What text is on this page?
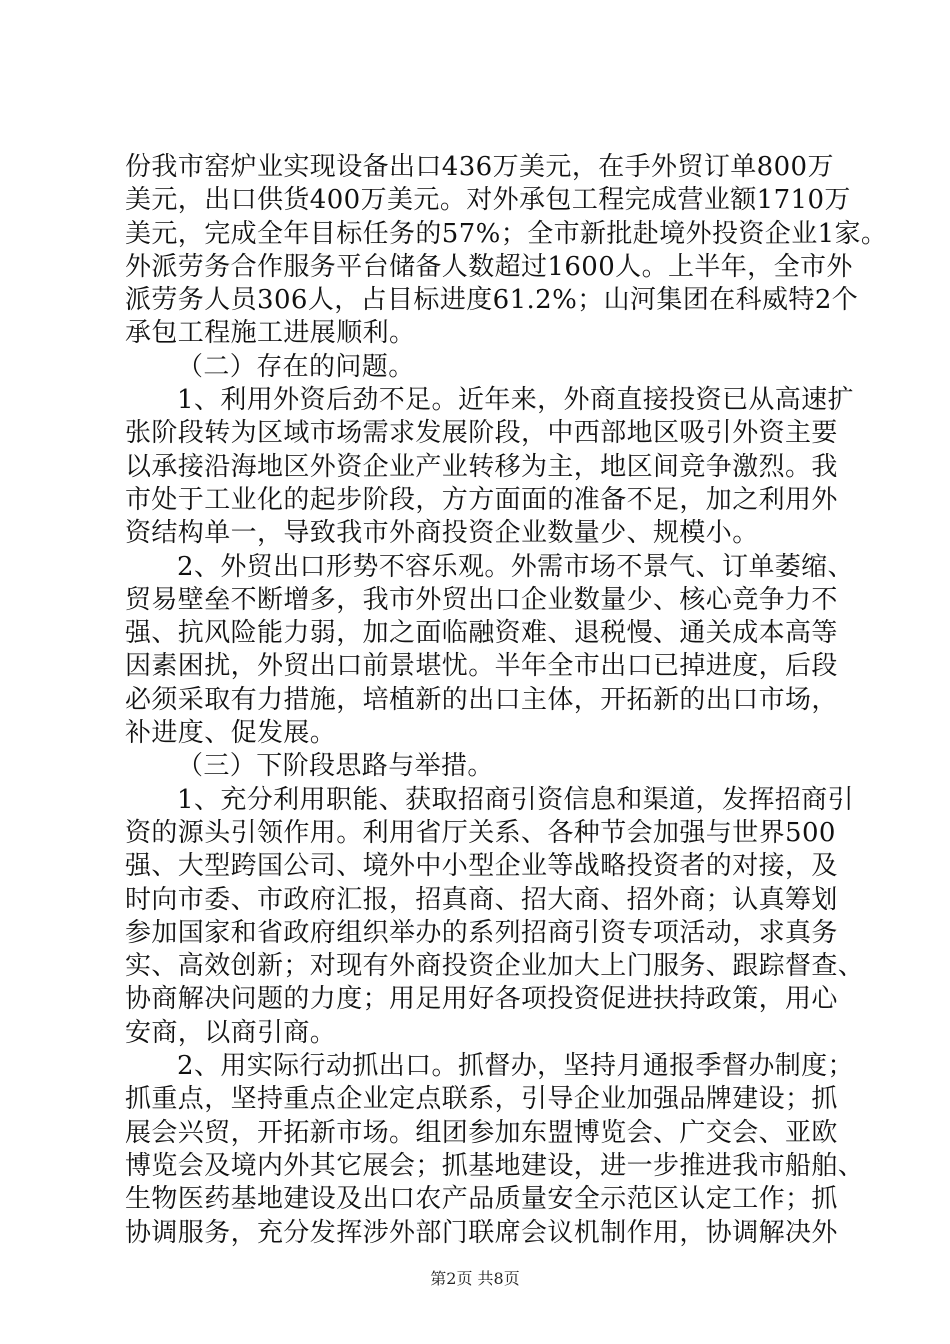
份我市窑炉业实现设备出口436万美元，在手外贸订单800万
美元，出口供货400万美元。对外承包工程完成营业额1710万
美元，完成全年目标任务的57%；全市新批赴境外投资企业1家。
外派劳务合作服务平台储备人数超过1600人。上半年，全市外
派劳务人员306人，占目标进度61.2%；山河集团在科威特2个
承包工程施工进展顺利。
（二）存在的问题。
1、利用外资后劲不足。近年来，外商直接投资已从高速扩
张阶段转为区域市场需求发展阶段，中西部地区吸引外资主要
以承接沿海地区外资企业产业转移为主，地区间竞争激烈。我
市处于工业化的起步阶段，方方面面的准备不足，加之利用外
资结构单一，导致我市外商投资企业数量少、规模小。
2、外贸出口形势不容乐观。外需市场不景气、订单萎缩、
贸易壁垒不断增多，我市外贸出口企业数量少、核心竞争力不
强、抗风险能力弱，加之面临融资难、退税慢、通关成本高等
因素困扰，外贸出口前景堪忧。半年全市出口已掉进度，后段
必须采取有力措施，培植新的出口主体，开拓新的出口市场，
补进度、促发展。
（三）下阶段思路与举措。
1、充分利用职能、获取招商引资信息和渠道，发挥招商引
资的源头引领作用。利用省厅关系、各种节会加强与世界500
强、大型跨国公司、境外中小型企业等战略投资者的对接，及
时向市委、市政府汇报，招真商、招大商、招外商；认真筹划
参加国家和省政府组织举办的系列招商引资专项活动，求真务
实、高效创新；对现有外商投资企业加大上门服务、跟踪督查、
协商解决问题的力度；用足用好各项投资促进扶持政策，用心
安商，以商引商。
2、用实际行动抓出口。抓督办，坚持月通报季督办制度；
抓重点，坚持重点企业定点联系，引导企业加强品牌建设；抓
展会兴贸，开拓新市场。组团参加东盟博览会、广交会、亚欧
博览会及境内外其它展会；抓基地建设，进一步推进我市船舶、
生物医药基地建设及出口农产品质量安全示范区认定工作；抓
协调服务，充分发挥涉外部门联席会议机制作用，协调解决外
第2页 共8页
